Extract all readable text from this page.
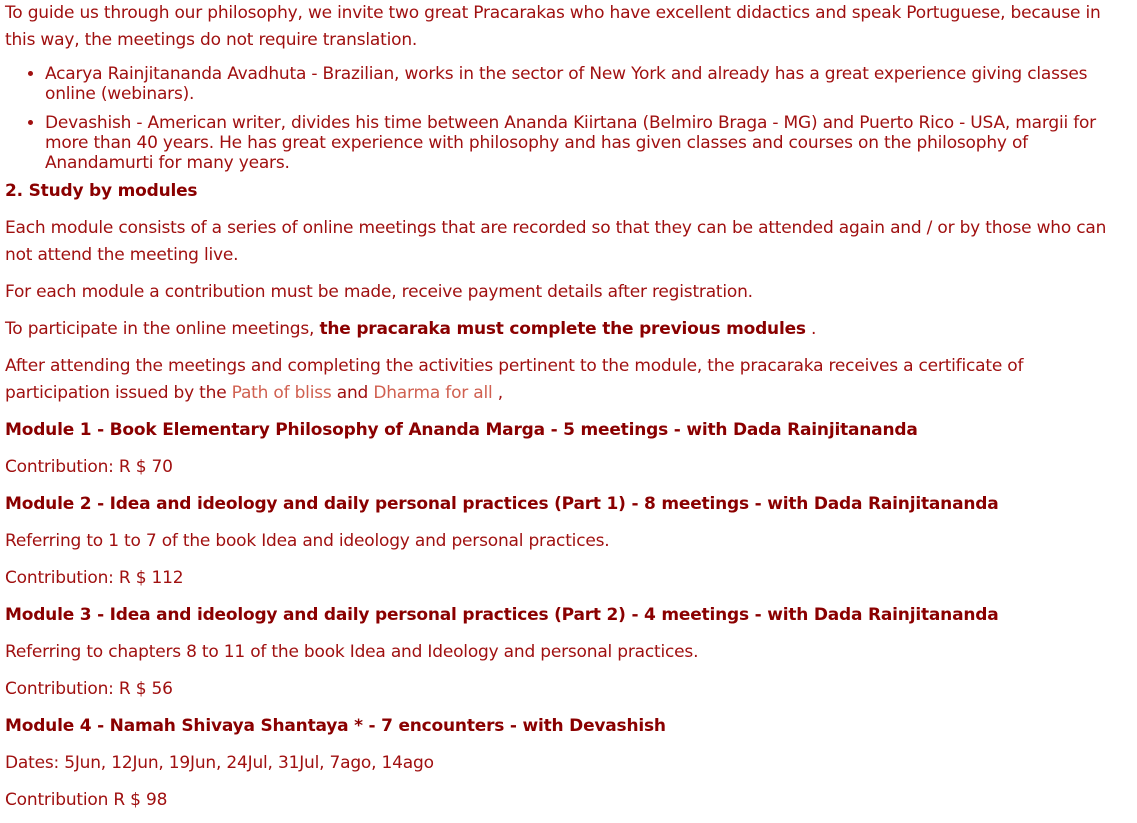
To guide us through our philosophy, we invite two great Pracarakas who have excellent didactics and speak Portuguese, because in this way, the meetings do not require translation.

• Acarya Rainjitananda Avadhuta - Brazilian, works in the sector of New York and already has a great experience giving classes online (webinars).
• Devashish - American writer, divides his time between Ananda Kiirtana (Belmiro Braga - MG) and Puerto Rico - USA, margii for more than 40 years. He has great experience with philosophy and has given classes and courses on the philosophy of Anandamurti for many years.

2. Study by modules

Each module consists of a series of online meetings that are recorded so that they can be attended again and / or by those who can not attend the meeting live.

For each module a contribution must be made, receive payment details after registration.

To participate in the online meetings, the pracaraka must complete the previous modules .

After attending the meetings and completing the activities pertinent to the module, the pracaraka receives a certificate of participation issued by the Path of bliss and Dharma for all ,

Module 1 - Book Elementary Philosophy of Ananda Marga - 5 meetings - with Dada Rainjitananda

Contribution: R $ 70

Module 2 - Idea and ideology and daily personal practices (Part 1) - 8 meetings - with Dada Rainjitananda

Referring to 1 to 7 of the book Idea and ideology and personal practices.

Contribution: R $ 112

Module 3 - Idea and ideology and daily personal practices (Part 2) - 4 meetings - with Dada Rainjitananda

Referring to chapters 8 to 11 of the book Idea and Ideology and personal practices.

Contribution: R $ 56

Module 4 - Namah Shivaya Shantaya * - 7 encounters - with Devashish

Dates: 5Jun, 12Jun, 19Jun, 24Jul, 31Jul, 7ago, 14ago

Contribution R $ 98
